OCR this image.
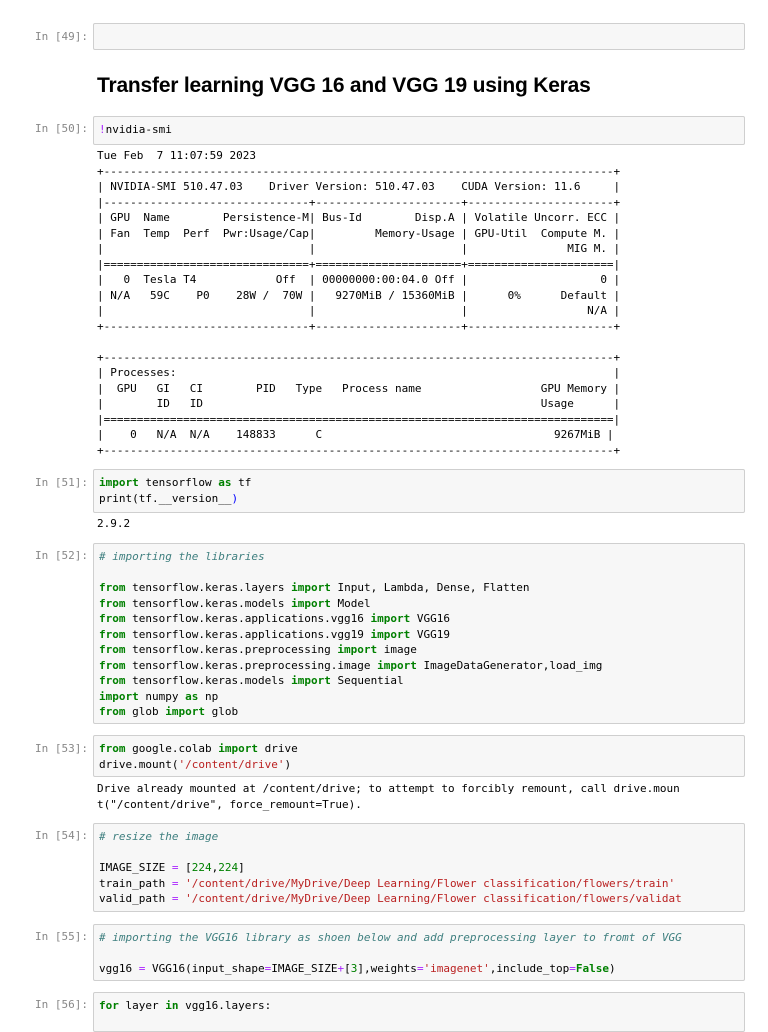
In [49]:
Transfer learning VGG 16 and VGG 19 using Keras
In [50]: !nvidia-smi
Tue Feb  7 11:07:59 2023
+-----------------------------------------------------------------------------+
| NVIDIA-SMI 510.47.03    Driver Version: 510.47.03    CUDA Version: 11.6     |
|-------------------------------+----------------------+----------------------+
| GPU  Name        Persistence-M| Bus-Id        Disp.A | Volatile Uncorr. ECC |
| Fan  Temp  Perf  Pwr:Usage/Cap|         Memory-Usage | GPU-Util  Compute M. |
|                               |                      |               MIG M. |
|===============================+======================+======================|
|   0  Tesla T4            Off  | 00000000:00:04.0 Off |                    0 |
| N/A   59C    P0    28W /  70W |   9270MiB / 15360MiB |      0%      Default |
|                               |                      |                  N/A |
+-------------------------------+----------------------+----------------------+

+-----------------------------------------------------------------------------+
| Processes:                                                                  |
|  GPU   GI   CI        PID   Type   Process name                  GPU Memory |
|        ID   ID                                                   Usage      |
|=============================================================================|
|    0   N/A  N/A    148833      C                                   9267MiB |
+-----------------------------------------------------------------------------+
In [51]: import tensorflow as tf
print(tf.__version__)
2.9.2
In [52]: # importing the libraries

from tensorflow.keras.layers import Input, Lambda, Dense, Flatten
from tensorflow.keras.models import Model
from tensorflow.keras.applications.vgg16 import VGG16
from tensorflow.keras.applications.vgg19 import VGG19
from tensorflow.keras.preprocessing import image
from tensorflow.keras.preprocessing.image import ImageDataGenerator,load_img
from tensorflow.keras.models import Sequential
import numpy as np
from glob import glob
In [53]: from google.colab import drive
drive.mount('/content/drive')
Drive already mounted at /content/drive; to attempt to forcibly remount, call drive.moun
t("/content/drive", force_remount=True).
In [54]: # resize the image

IMAGE_SIZE = [224,224]
train_path = '/content/drive/MyDrive/Deep Learning/Flower classification/flowers/train'
valid_path = '/content/drive/MyDrive/Deep Learning/Flower classification/flowers/validat
In [55]: # importing the VGG16 library as shoen below and add preprocessing layer to fromt of VGG

vgg16 = VGG16(input_shape=IMAGE_SIZE+[3],weights='imagenet',include_top=False)
In [56]: for layer in vgg16.layers:
